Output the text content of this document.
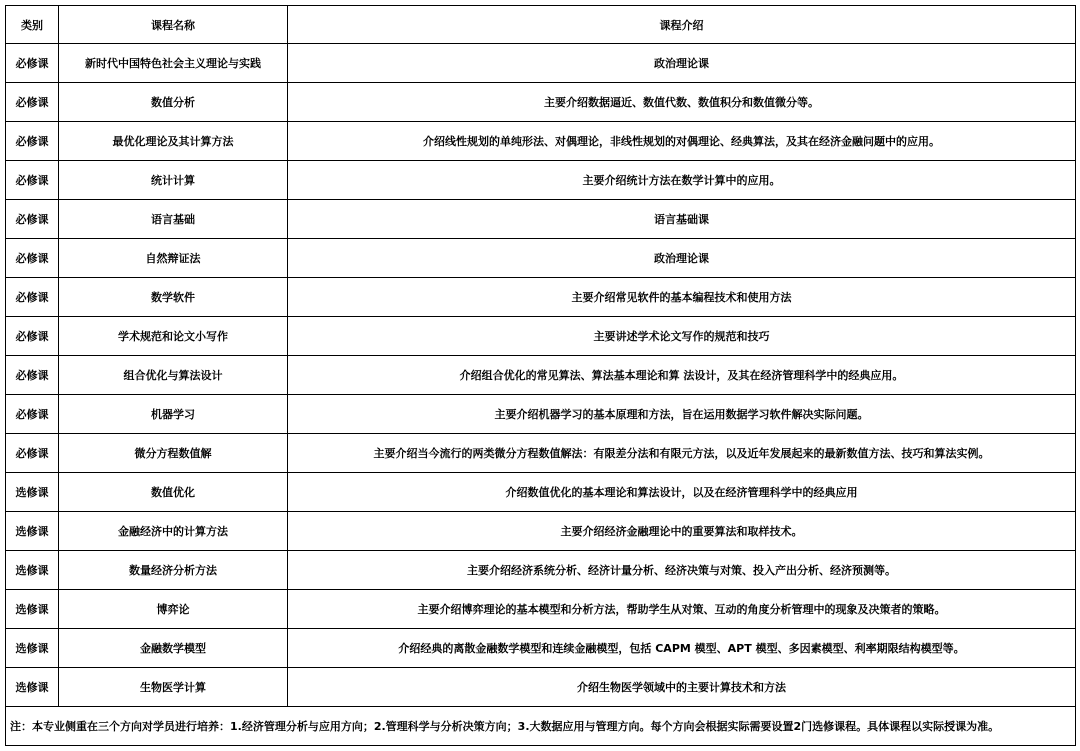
类别	课程名称	课程介绍
必修课	新时代中国特色社会主义理论与实践	政治理论课
必修课	数值分析	主要介绍数据逼近、数值代数、数值积分和数值微分等。
必修课	最优化理论及其计算方法	介绍线性规划的单纯形法、对偶理论，非线性规划的对偶理论、经典算法，及其在经济金融问题中的应用。
必修课	统计计算	主要介绍统计方法在数学计算中的应用。
必修课	语言基础	语言基础课
必修课	自然辩证法	政治理论课
必修课	数学软件	主要介绍常见软件的基本编程技术和使用方法
必修课	学术规范和论文小写作	主要讲述学术论文写作的规范和技巧
必修课	组合优化与算法设计	介绍组合优化的常见算法、算法基本理论和算 法设计，及其在经济管理科学中的经典应用。
必修课	机器学习	主要介绍机器学习的基本原理和方法，旨在运用数据学习软件解决实际问题。
必修课	微分方程数值解	主要介绍当今流行的两类微分方程数值解法：有限差分法和有限元方法，以及近年发展起来的最新数值方法、技巧和算法实例。
选修课	数值优化	介绍数值优化的基本理论和算法设计，以及在经济管理科学中的经典应用
选修课	金融经济中的计算方法	主要介绍经济金融理论中的重要算法和取样技术。
选修课	数量经济分析方法	主要介绍经济系统分析、经济计量分析、经济决策与对策、投入产出分析、经济预测等。
选修课	博弈论	主要介绍博弈理论的基本模型和分析方法，帮助学生从对策、互动的角度分析管理中的现象及决策者的策略。
选修课	金融数学模型	介绍经典的离散金融数学模型和连续金融模型，包括 CAPM 模型、APT 模型、多因素模型、利率期限结构模型等。
选修课	生物医学计算	介绍生物医学领域中的主要计算技术和方法
注：本专业侧重在三个方向对学员进行培养：1.经济管理分析与应用方向；2.管理科学与分析决策方向；3.大数据应用与管理方向。每个方向会根据实际需要设置2门选修课程。具体课程以实际授课为准。		
